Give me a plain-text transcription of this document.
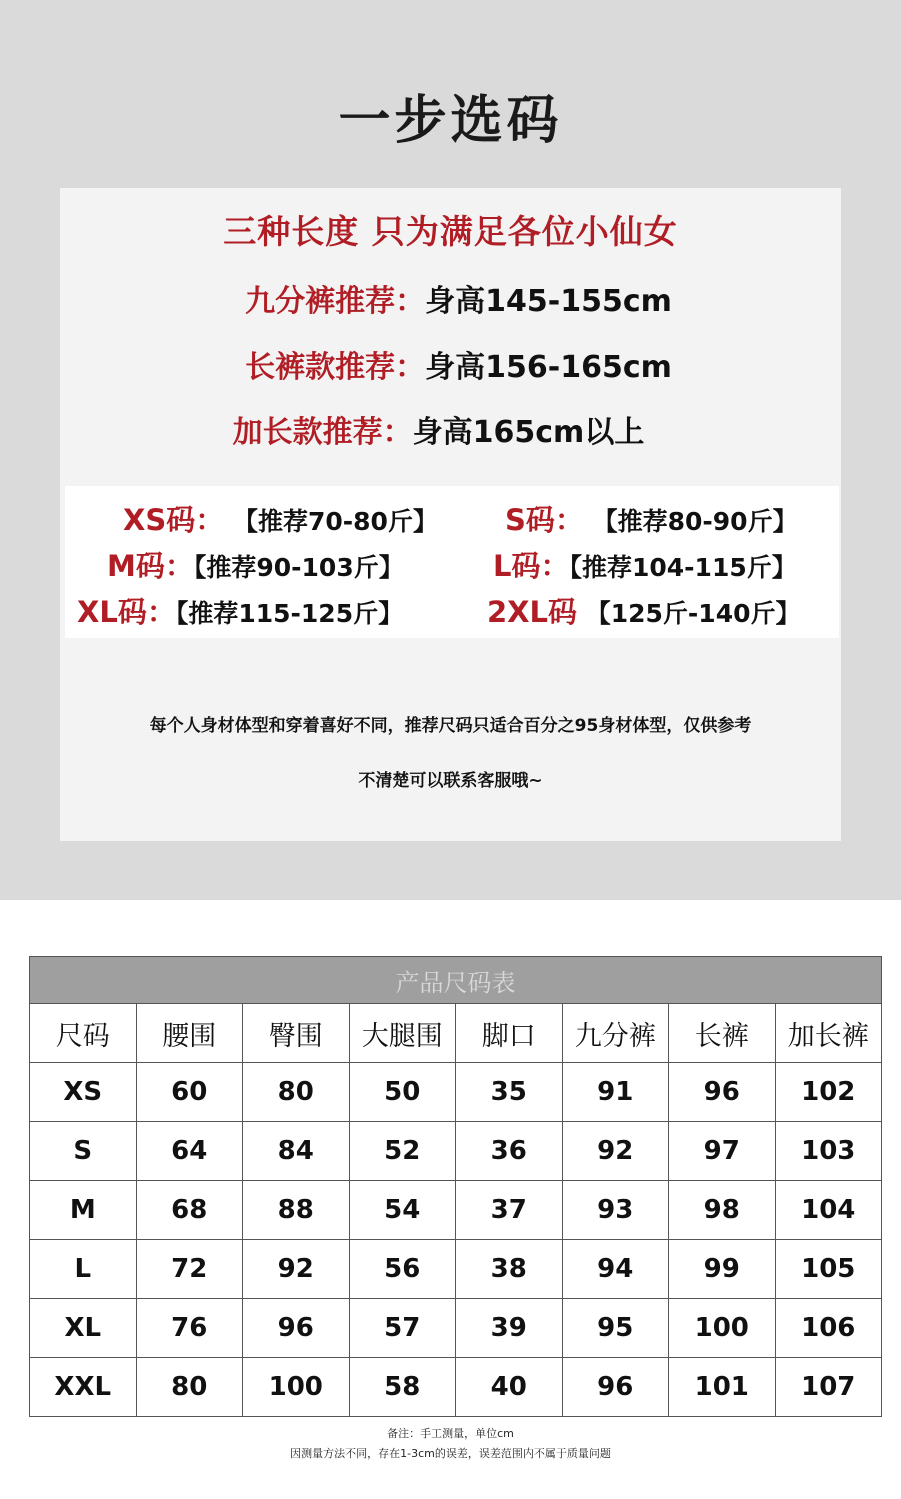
一步选码
三种长度 只为满足各位小仙女
九分裤推荐：身高145-155cm
长裤款推荐：身高156-165cm
加长款推荐：身高165cm以上
XS码： 【推荐70-80斤】 S码： 【推荐80-90斤】
M码：【推荐90-103斤】	L码：【推荐104-115斤】
XL码：【推荐115-125斤】	2XL码 【125斤-140斤】
每个人身材体型和穿着喜好不同，推荐尺码只适合百分之95身材体型，仅供参考
不清楚可以联系客服哦~
产品尺码表							
尺码	腰围	臀围	大腿围	脚口	九分裤	长裤	加长裤
XS	60	80	50	35	91	96	102
S	64	84	52	36	92	97	103
M	68	88	54	37	93	98	104
L	72	92	56	38	94	99	105
XL	76	96	57	39	95	100	106
XXL	80	100	58	40	96	101	107
备注：手工测量，单位cm
因测量方法不同，存在1-3cm的误差，误差范围内不属于质量问题
